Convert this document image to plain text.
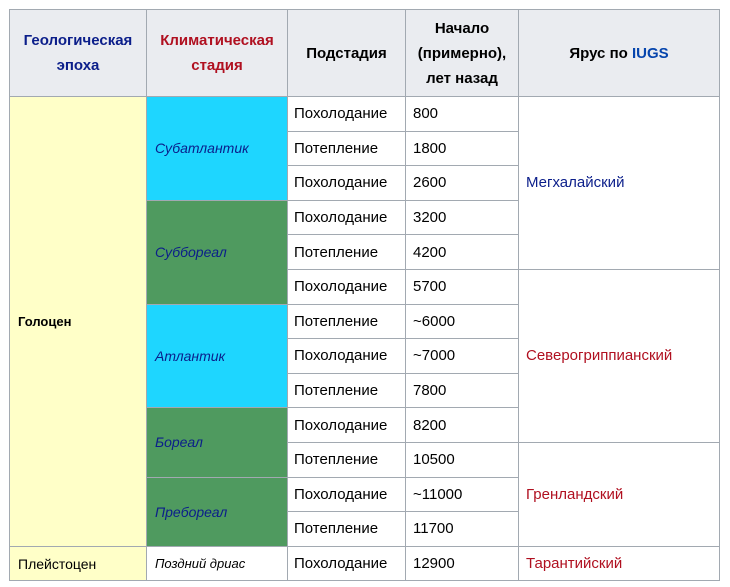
Геологическая эпоха	Климатическая стадия	Подстадия	Начало (примерно), лет назад	Ярус по IUGS
Голоцен	Субатлантик	Похолодание	800	Мегхалайский
		Потепление	1800	
		Похолодание	2600	
	Суббореал	Похолодание	3200	
		Потепление	4200	
		Похолодание	5700	Северогриппианский
	Атлантик	Потепление	~6000	
		Похолодание	~7000	
		Потепление	7800	
	Бореал	Похолодание	8200	
		Потепление	10500	Гренландский
	Пребореал	Похолодание	~11000	
		Потепление	11700	
Плейстоцен	Поздний дриас	Похолодание	12900	Тарантийский
